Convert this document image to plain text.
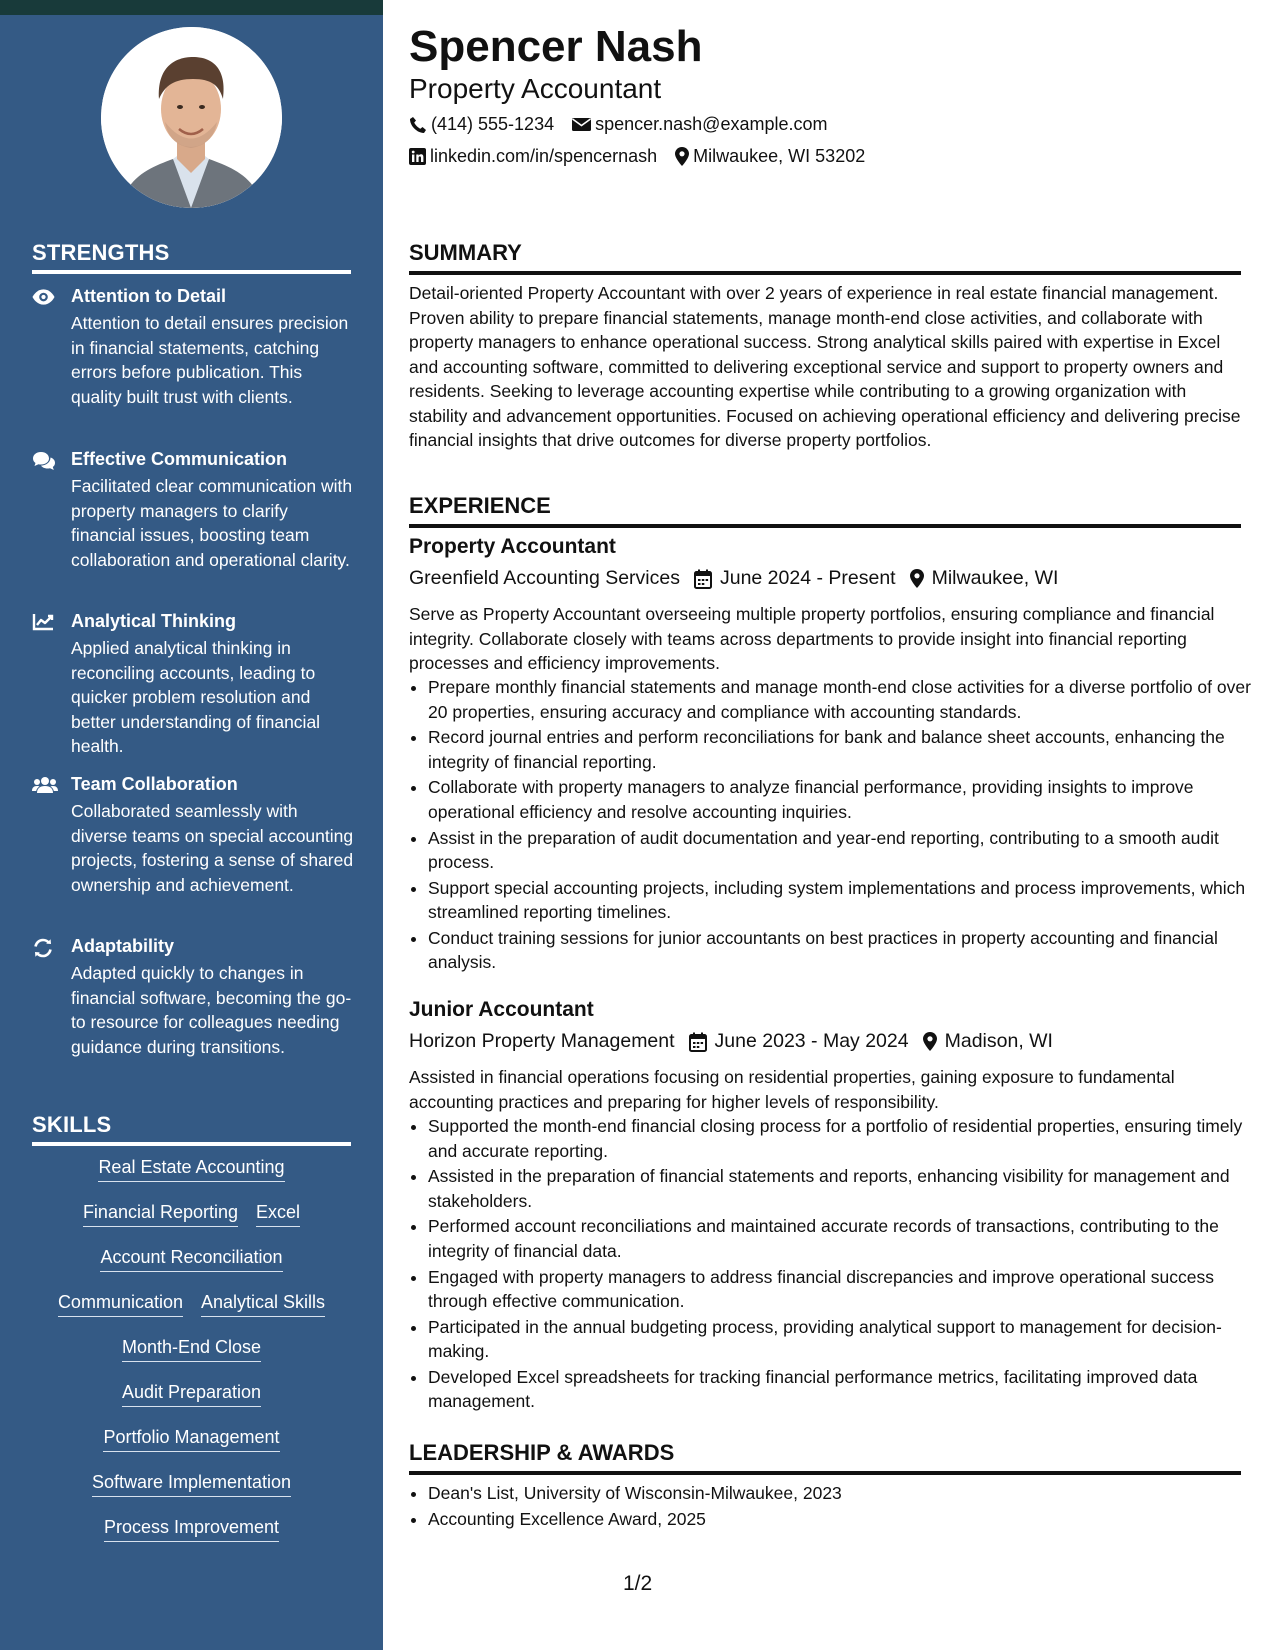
STRENGTHS
Attention to Detail
Attention to detail ensures precision in financial statements, catching errors before publication. This quality built trust with clients.
Effective Communication
Facilitated clear communication with property managers to clarify financial issues, boosting team collaboration and operational clarity.
Analytical Thinking
Applied analytical thinking in reconciling accounts, leading to quicker problem resolution and better understanding of financial health.
Team Collaboration
Collaborated seamlessly with diverse teams on special accounting projects, fostering a sense of shared ownership and achievement.
Adaptability
Adapted quickly to changes in financial software, becoming the go-to resource for colleagues needing guidance during transitions.
SKILLS
Real Estate Accounting
Financial Reporting Excel
Account Reconciliation
Communication Analytical Skills
Month-End Close
Audit Preparation
Portfolio Management
Software Implementation
Process Improvement
Spencer Nash
Property Accountant
(414) 555-1234 spencer.nash@example.com
linkedin.com/in/spencernash Milwaukee, WI 53202
SUMMARY
Detail-oriented Property Accountant with over 2 years of experience in real estate financial management. Proven ability to prepare financial statements, manage month-end close activities, and collaborate with property managers to enhance operational success. Strong analytical skills paired with expertise in Excel and accounting software, committed to delivering exceptional service and support to property owners and residents. Seeking to leverage accounting expertise while contributing to a growing organization with stability and advancement opportunities. Focused on achieving operational efficiency and delivering precise financial insights that drive outcomes for diverse property portfolios.
EXPERIENCE
Property Accountant
Greenfield Accounting Services June 2024 - Present Milwaukee, WI
Serve as Property Accountant overseeing multiple property portfolios, ensuring compliance and financial integrity. Collaborate closely with teams across departments to provide insight into financial reporting processes and efficiency improvements.
• Prepare monthly financial statements and manage month-end close activities for a diverse portfolio of over 20 properties, ensuring accuracy and compliance with accounting standards.
• Record journal entries and perform reconciliations for bank and balance sheet accounts, enhancing the integrity of financial reporting.
• Collaborate with property managers to analyze financial performance, providing insights to improve operational efficiency and resolve accounting inquiries.
• Assist in the preparation of audit documentation and year-end reporting, contributing to a smooth audit process.
• Support special accounting projects, including system implementations and process improvements, which streamlined reporting timelines.
• Conduct training sessions for junior accountants on best practices in property accounting and financial analysis.
Junior Accountant
Horizon Property Management June 2023 - May 2024 Madison, WI
Assisted in financial operations focusing on residential properties, gaining exposure to fundamental accounting practices and preparing for higher levels of responsibility.
• Supported the month-end financial closing process for a portfolio of residential properties, ensuring timely and accurate reporting.
• Assisted in the preparation of financial statements and reports, enhancing visibility for management and stakeholders.
• Performed account reconciliations and maintained accurate records of transactions, contributing to the integrity of financial data.
• Engaged with property managers to address financial discrepancies and improve operational success through effective communication.
• Participated in the annual budgeting process, providing analytical support to management for decision-making.
• Developed Excel spreadsheets for tracking financial performance metrics, facilitating improved data management.
LEADERSHIP & AWARDS
• Dean's List, University of Wisconsin-Milwaukee, 2023
• Accounting Excellence Award, 2025
1/2
